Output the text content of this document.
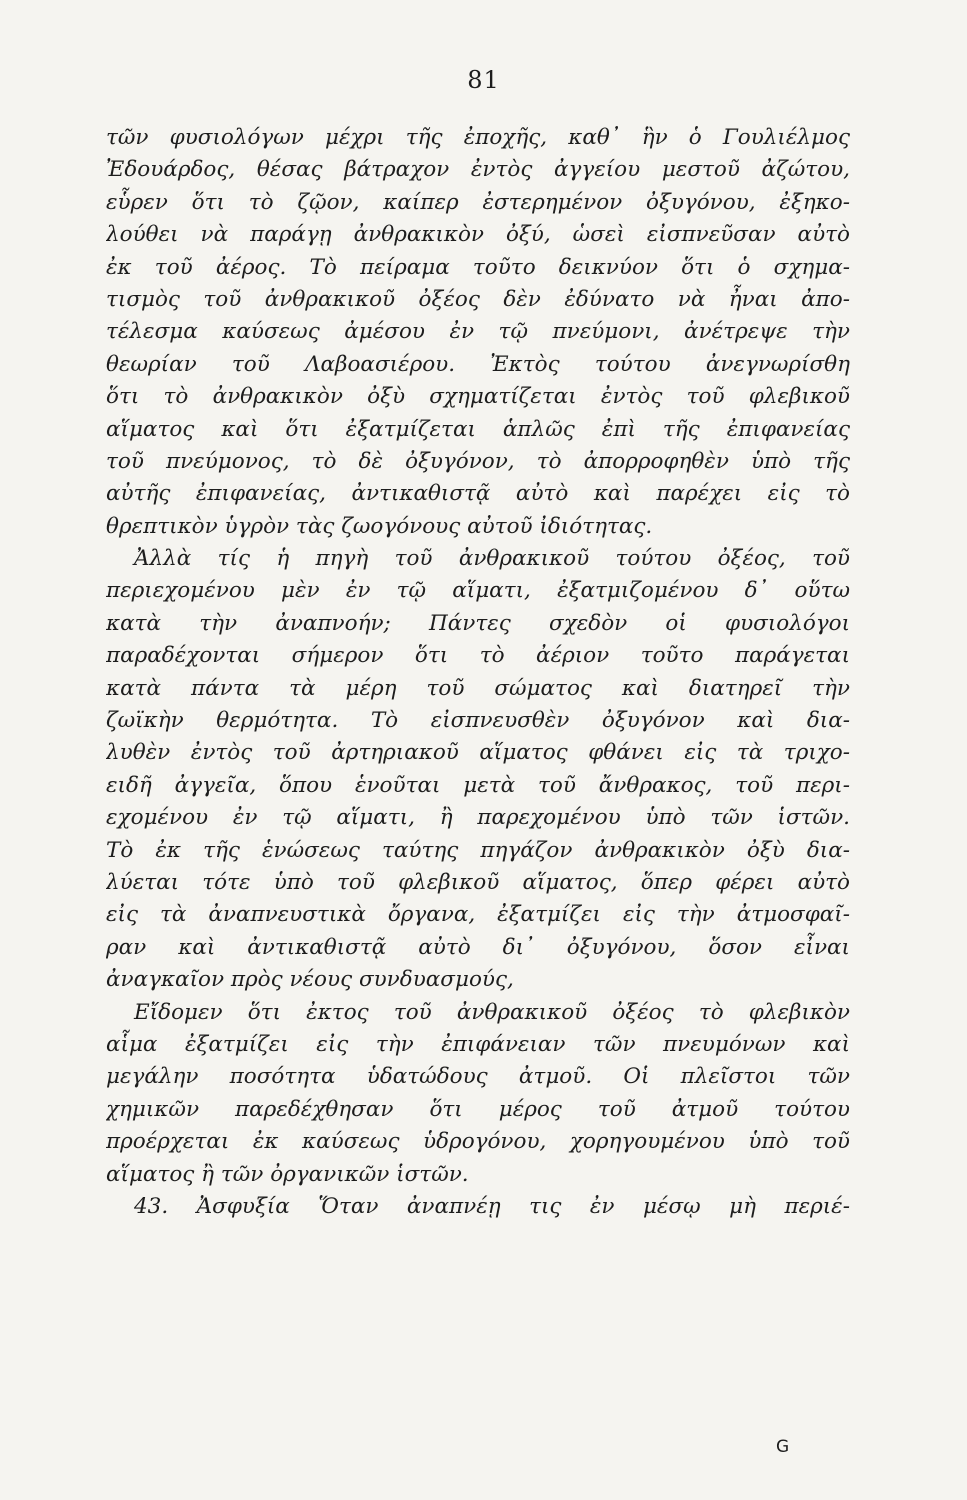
81
τῶν φυσιολόγων μέχρι τῆς ἐποχῆς, καθ᾽ ἣν ὁ Γουλιέλμος
Ἐδουάρδος, θέσας βάτραχον ἐντὸς ἀγγείου μεστοῦ ἀζώτου,
εὗρεν ὅτι τὸ ζῷον, καίπερ ἐστερημένον ὀξυγόνου, ἐξηκο-
λούθει νὰ παράγῃ ἀνθρακικὸν ὀξύ, ὡσεὶ εἰσπνεῦσαν αὐτὸ
ἐκ τοῦ ἀέρος. Τὸ πείραμα τοῦτο δεικνύον ὅτι ὁ σχημα-
τισμὸς τοῦ ἀνθρακικοῦ ὀξέος δὲν ἐδύνατο νὰ ἦναι ἀπο-
τέλεσμα καύσεως ἀμέσου ἐν τῷ πνεύμονι, ἀνέτρεψε τὴν
θεωρίαν τοῦ Λαβοασιέρου. Ἐκτὸς τούτου ἀνεγνωρίσθη
ὅτι τὸ ἀνθρακικὸν ὀξὺ σχηματίζεται ἐντὸς τοῦ φλεβικοῦ
αἵματος καὶ ὅτι ἐξατμίζεται ἁπλῶς ἐπὶ τῆς ἐπιφανείας
τοῦ πνεύμονος, τὸ δὲ ὀξυγόνον, τὸ ἀπορροφηθὲν ὑπὸ τῆς
αὐτῆς ἐπιφανείας, ἀντικαθιστᾷ αὐτὸ καὶ παρέχει εἰς τὸ
θρεπτικὸν ὑγρὸν τὰς ζωογόνους αὐτοῦ ἰδιότητας.
Ἀλλὰ τίς ἡ πηγὴ τοῦ ἀνθρακικοῦ τούτου ὀξέος, τοῦ
περιεχομένου μὲν ἐν τῷ αἵματι, ἐξατμιζομένου δ᾽ οὕτω
κατὰ τὴν ἀναπνοήν; Πάντες σχεδὸν οἱ φυσιολόγοι
παραδέχονται σήμερον ὅτι τὸ ἀέριον τοῦτο παράγεται
κατὰ πάντα τὰ μέρη τοῦ σώματος καὶ διατηρεῖ τὴν
ζωϊκὴν θερμότητα. Τὸ εἰσπνευσθὲν ὀξυγόνον καὶ δια-
λυθὲν ἐντὸς τοῦ ἀρτηριακοῦ αἵματος φθάνει εἰς τὰ τριχο-
ειδῆ ἀγγεῖα, ὅπου ἑνοῦται μετὰ τοῦ ἄνθρακος, τοῦ περι-
εχομένου ἐν τῷ αἵματι, ἢ παρεχομένου ὑπὸ τῶν ἱστῶν.
Τὸ ἐκ τῆς ἑνώσεως ταύτης πηγάζον ἀνθρακικὸν ὀξὺ δια-
λύεται τότε ὑπὸ τοῦ φλεβικοῦ αἵματος, ὅπερ φέρει αὐτὸ
εἰς τὰ ἀναπνευστικὰ ὄργανα, ἐξατμίζει εἰς τὴν ἀτμοσφαῖ-
ραν καὶ ἀντικαθιστᾷ αὐτὸ δι᾽ ὀξυγόνου, ὅσον εἶναι
ἀναγκαῖον πρὸς νέους συνδυασμούς,
Εἴδομεν ὅτι ἐκτος τοῦ ἀνθρακικοῦ ὀξέος τὸ φλεβικὸν
αἷμα ἐξατμίζει εἰς τὴν ἐπιφάνειαν τῶν πνευμόνων καὶ
μεγάλην ποσότητα ὑδατώδους ἀτμοῦ. Οἱ πλεῖστοι τῶν
χημικῶν παρεδέχθησαν ὅτι μέρος τοῦ ἀτμοῦ τούτου
προέρχεται ἐκ καύσεως ὑδρογόνου, χορηγουμένου ὑπὸ τοῦ
αἵματος ἢ τῶν ὀργανικῶν ἱστῶν.
43. Ἀσφυξία Ὅταν ἀναπνέῃ τις ἐν μέσῳ μὴ περιέ-
G
